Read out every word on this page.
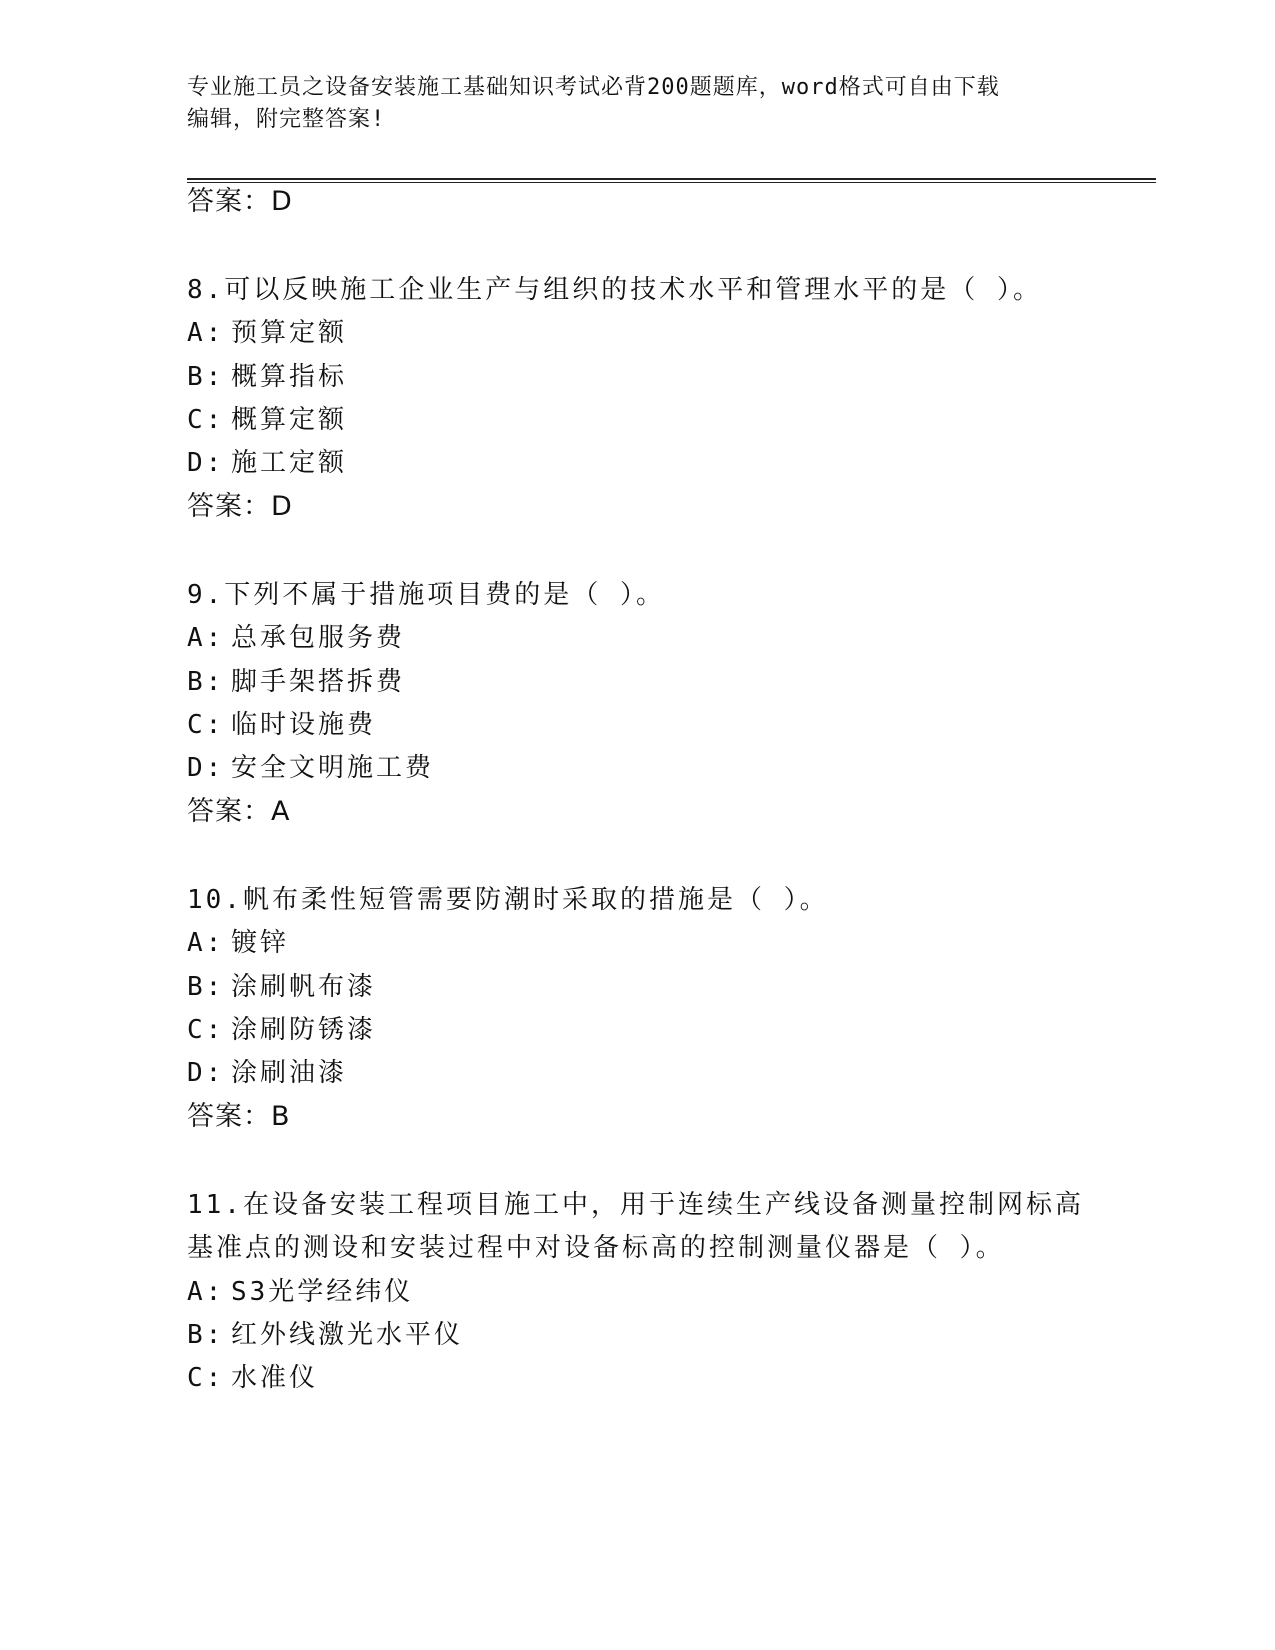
专业施工员之设备安装施工基础知识考试必背200题题库，word格式可自由下载
编辑，附完整答案!
答案：D
8.可以反映施工企业生产与组织的技术水平和管理水平的是（ ）。
A: 预算定额
B: 概算指标
C: 概算定额
D: 施工定额
答案：D
9.下列不属于措施项目费的是（ ）。
A: 总承包服务费
B: 脚手架搭拆费
C: 临时设施费
D: 安全文明施工费
答案：A
10.帆布柔性短管需要防潮时采取的措施是（ ）。
A: 镀锌
B: 涂刷帆布漆
C: 涂刷防锈漆
D: 涂刷油漆
答案：B
11.在设备安装工程项目施工中，用于连续生产线设备测量控制网标高
基准点的测设和安装过程中对设备标高的控制测量仪器是（ ）。
A: S3光学经纬仪
B: 红外线激光水平仪
C: 水准仪
